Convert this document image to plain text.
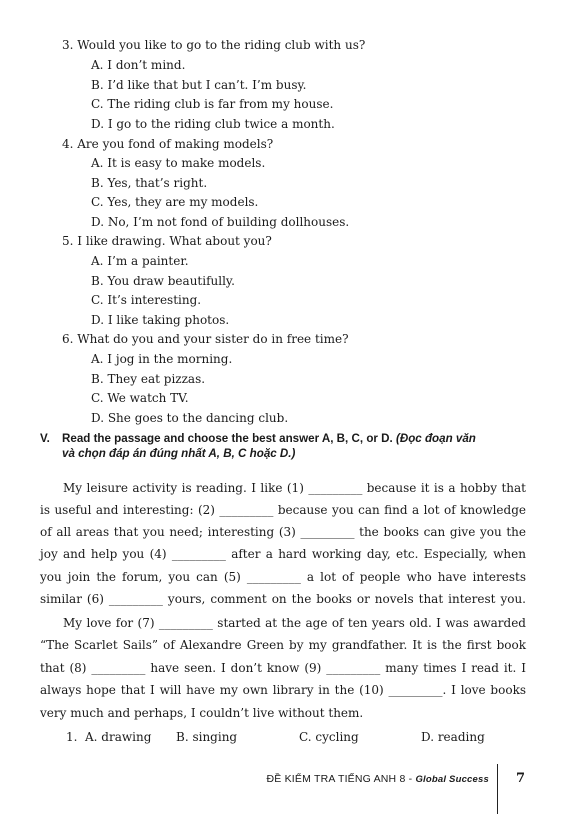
3. Would you like to go to the riding club with us?
A. I don’t mind.
B. I’d like that but I can’t. I’m busy.
C. The riding club is far from my house.
D. I go to the riding club twice a month.
4. Are you fond of making models?
A. It is easy to make models.
B. Yes, that’s right.
C. Yes, they are my models.
D. No, I’m not fond of building dollhouses.
5. I like drawing. What about you?
A. I’m a painter.
B. You draw beautifully.
C. It’s interesting.
D. I like taking photos.
6. What do you and your sister do in free time?
A. I jog in the morning.
B. They eat pizzas.
C. We watch TV.
D. She goes to the dancing club.
V. Read the passage and choose the best answer A, B, C, or D. (Đọc đoạn văn
và chọn đáp án đúng nhất A, B, C hoặc D.)
My leisure activity is reading. I like (1) _________ because it is a hobby that
is useful and interesting: (2) _________ because you can find a lot of knowledge
of all areas that you need; interesting (3) _________ the books can give you the
joy and help you (4) _________ after a hard working day, etc. Especially, when
you join the forum, you can (5) _________ a lot of people who have interests
similar (6) _________ yours, comment on the books or novels that interest you.
My love for (7) _________ started at the age of ten years old. I was awarded
“The Scarlet Sails” of Alexandre Green by my grandfather. It is the first book
that (8) _________ have seen. I don’t know (9) _________ many times I read it. I
always hope that I will have my own library in the (10) _________. I love books
very much and perhaps, I couldn’t live without them.
1. A. drawing B. singing	C. cycling	D. reading
ĐỀ KIỂM TRA TIẾNG ANH 8 - Global Success 7
